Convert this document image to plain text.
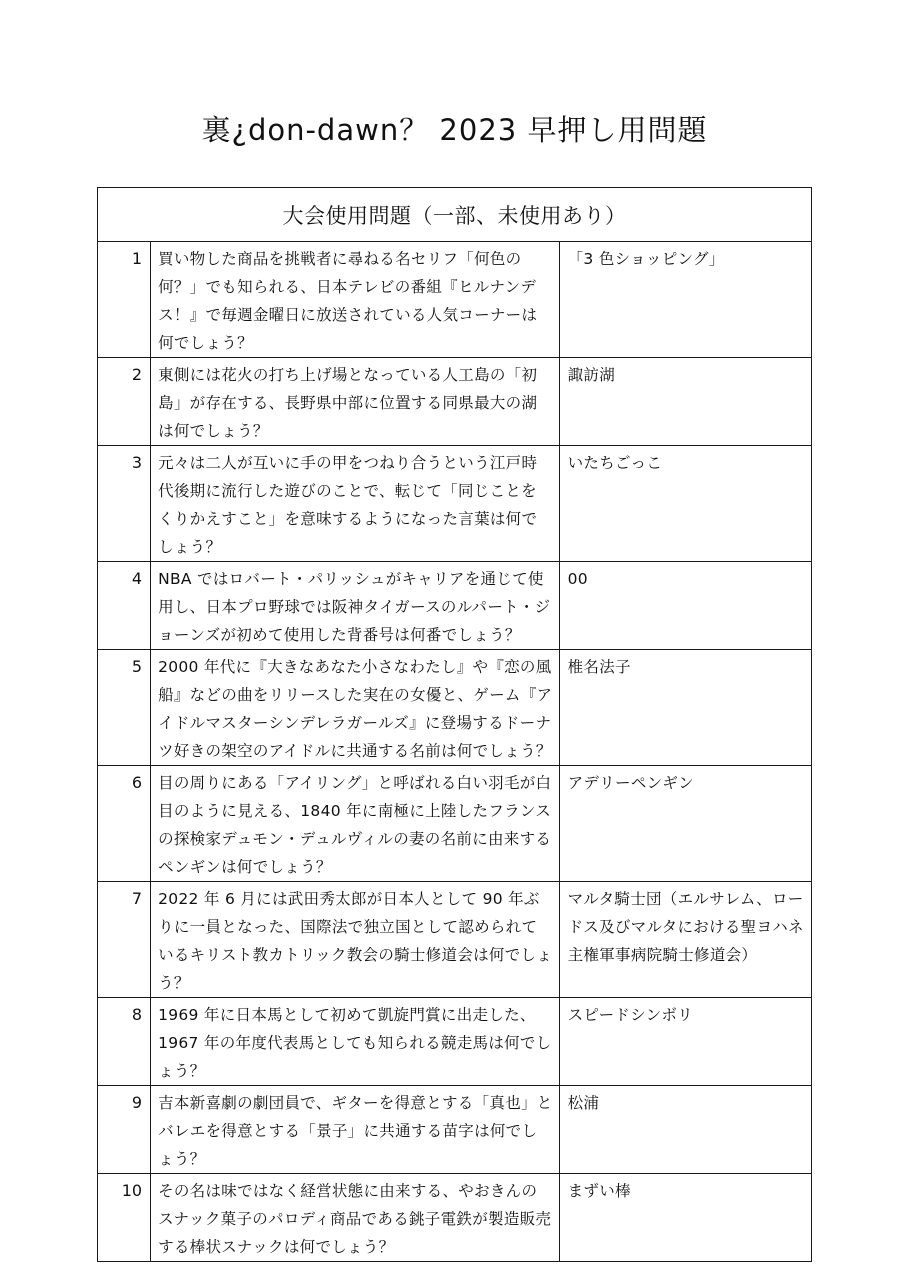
裏¿don-dawn？ 2023 早押し用問題
大会使用問題（一部、未使用あり）		
1	買い物した商品を挑戦者に尋ねる名セリフ「何色の何？」でも知られる、日本テレビの番組『ヒルナンデス！』で毎週金曜日に放送されている人気コーナーは何でしょう？	「3 色ショッピング」
2	東側には花火の打ち上げ場となっている人工島の「初島」が存在する、長野県中部に位置する同県最大の湖は何でしょう？	諏訪湖
3	元々は二人が互いに手の甲をつねり合うという江戸時代後期に流行した遊びのことで、転じて「同じことをくりかえすこと」を意味するようになった言葉は何でしょう？	いたちごっこ
4	NBA ではロバート・パリッシュがキャリアを通じて使用し、日本プロ野球では阪神タイガースのルパート・ジョーンズが初めて使用した背番号は何番でしょう？	00
5	2000 年代に『大きなあなた小さなわたし』や『恋の風船』などの曲をリリースした実在の女優と、ゲーム『アイドルマスターシンデレラガールズ』に登場するドーナツ好きの架空のアイドルに共通する名前は何でしょう？	椎名法子
6	目の周りにある「アイリング」と呼ばれる白い羽毛が白目のように見える、1840 年に南極に上陸したフランスの探検家デュモン・デュルヴィルの妻の名前に由来するペンギンは何でしょう？	アデリーペンギン
7	2022 年 6 月には武田秀太郎が日本人として 90 年ぶりに一員となった、国際法で独立国として認められているキリスト教カトリック教会の騎士修道会は何でしょう？	マルタ騎士団（エルサレム、ロードス及びマルタにおける聖ヨハネ主権軍事病院騎士修道会）
8	1969 年に日本馬として初めて凱旋門賞に出走した、1967 年の年度代表馬としても知られる競走馬は何でしょう？	スピードシンボリ
9	吉本新喜劇の劇団員で、ギターを得意とする「真也」とバレエを得意とする「景子」に共通する苗字は何でしょう？	松浦
10	その名は味ではなく経営状態に由来する、やおきんのスナック菓子のパロディ商品である銚子電鉄が製造販売する棒状スナックは何でしょう？	まずい棒
